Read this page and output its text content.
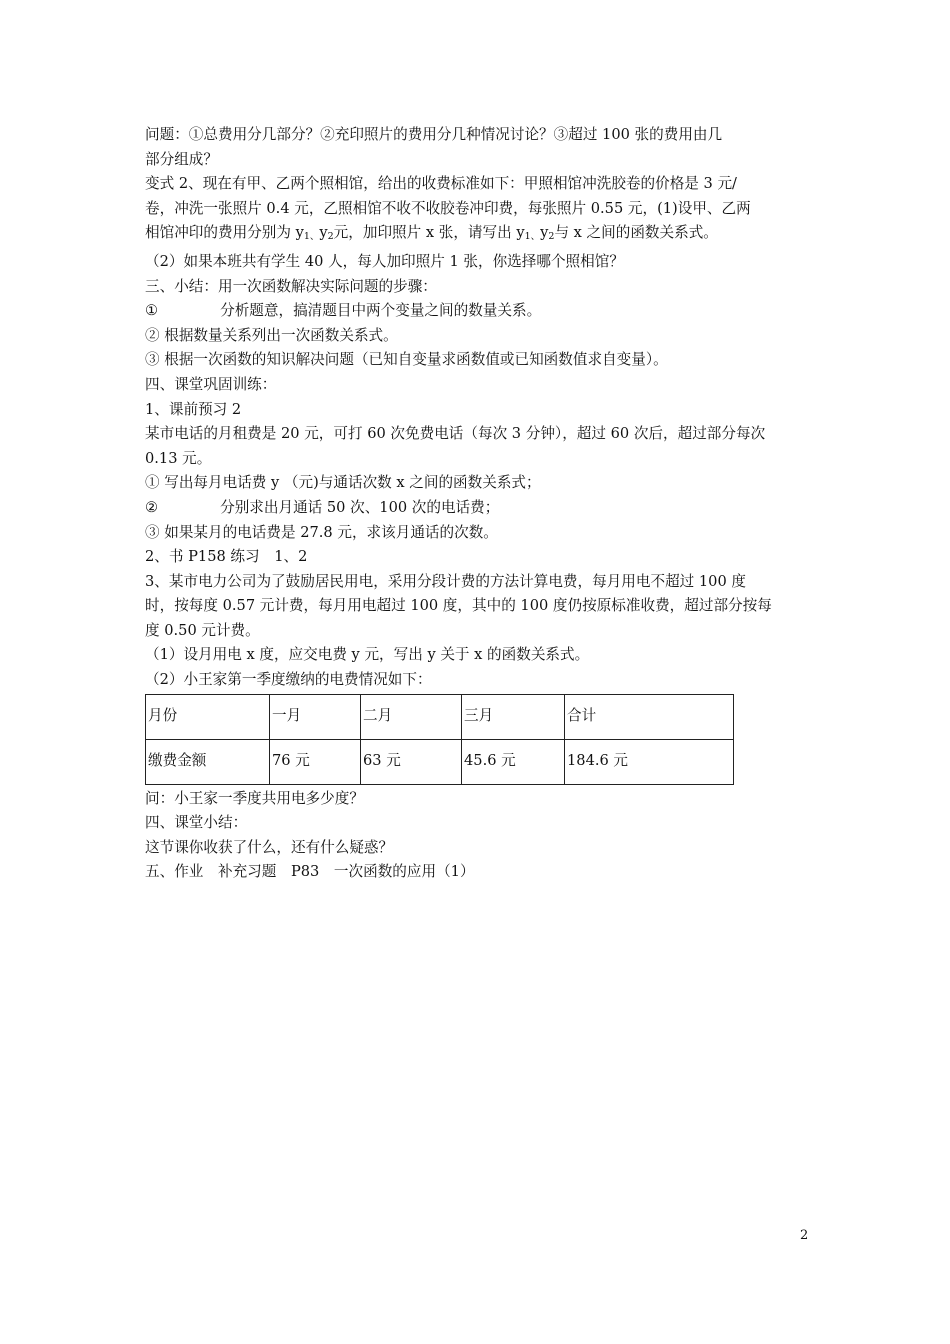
问题：①总费用分几部分？②充印照片的费用分几种情况讨论？③超过 100 张的费用由几
部分组成？
变式 2、现在有甲、乙两个照相馆，给出的收费标准如下：甲照相馆冲洗胶卷的价格是 3 元/
卷，冲洗一张照片 0.4 元，乙照相馆不收不收胶卷冲印费，每张照片 0.55 元，(1)设甲、乙两
相馆冲印的费用分别为 $y_{1、}y_2$元，加印照片 x 张，请写出 $y_{1、}y_2$与 x 之间的函数关系式。
（2）如果本班共有学生 40 人，每人加印照片 1 张，你选择哪个照相馆？
三、小结：用一次函数解决实际问题的步骤：
①	分析题意，搞清题目中两个变量之间的数量关系。
② 根据数量关系列出一次函数关系式。
③ 根据一次函数的知识解决问题（已知自变量求函数值或已知函数值求自变量）。
四、课堂巩固训练：
1、课前预习 2
某市电话的月租费是 20 元，可打 60 次免费电话（每次 3 分钟），超过 60 次后，超过部分每次
0.13 元。
① 写出每月电话费 y （元)与通话次数 x 之间的函数关系式；
②	分别求出月通话 50 次、100 次的电话费；
③ 如果某月的电话费是 27.8 元，求该月通话的次数。
2、书 P158 练习　1、2
3、某市电力公司为了鼓励居民用电，采用分段计费的方法计算电费，每月用电不超过 100 度
时，按每度 0.57 元计费，每月用电超过 100 度，其中的 100 度仍按原标准收费，超过部分按每
度 0.50 元计费。
（1）设月用电 x 度，应交电费 y 元，写出 y 关于 x 的函数关系式。
（2）小王家第一季度缴纳的电费情况如下：
月份	一月	二月	三月	合计
缴费金额	76 元	63 元	45.6 元	184.6 元
问：小王家一季度共用电多少度？
四、课堂小结：
这节课你收获了什么，还有什么疑惑？
五、作业　补充习题　P83　一次函数的应用（1）
2
